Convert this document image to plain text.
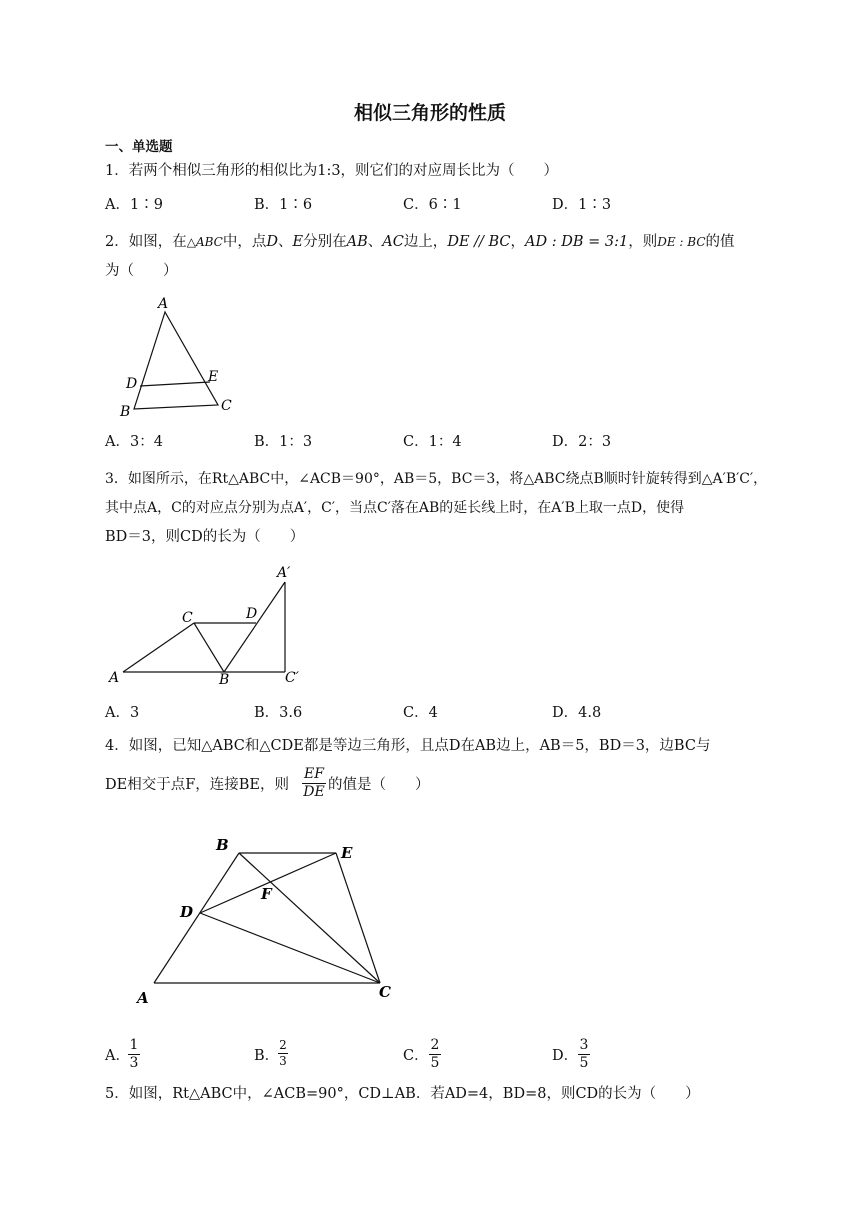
相似三角形的性质
一、单选题
1．若两个相似三角形的相似比为1:3，则它们的对应周长比为（　　）
A．1∶9	B．1∶6	C．6∶1	D．1∶3
2．如图，在△ABC中，点D、E分别在AB、AC边上，DE // BC，AD : DB = 3:1，则DE : BC的值
为（　　）
A
D	E
B	C
A．3：4	B．1：3	C．1：4	D．2：3
3．如图所示，在Rt△ABC中，∠ACB＝90°，AB＝5，BC＝3，将△ABC绕点B顺时针旋转得到△A′B′C′，
其中点A，C的对应点分别为点A′，C′，当点C′落在AB的延长线上时，在A′B上取一点D，使得
BD＝3，则CD的长为（　　）
A′
D
C
A	B	C′
A．3	B．3.6	C．4	D．4.8
4．如图，已知△ABC和△CDE都是等边三角形，且点D在AB边上，AB＝5，BD＝3，边BC与
DE相交于点F，连接BE，则
EF
DE 的值是（　　）
B	E
F
D
A	C
A．
1
3	B．
2
3	C．
2
5	D．
3
5
5．如图，Rt△ABC中，∠ACB=90°，CD⊥AB．若AD=4，BD=8，则CD的长为（　　）
